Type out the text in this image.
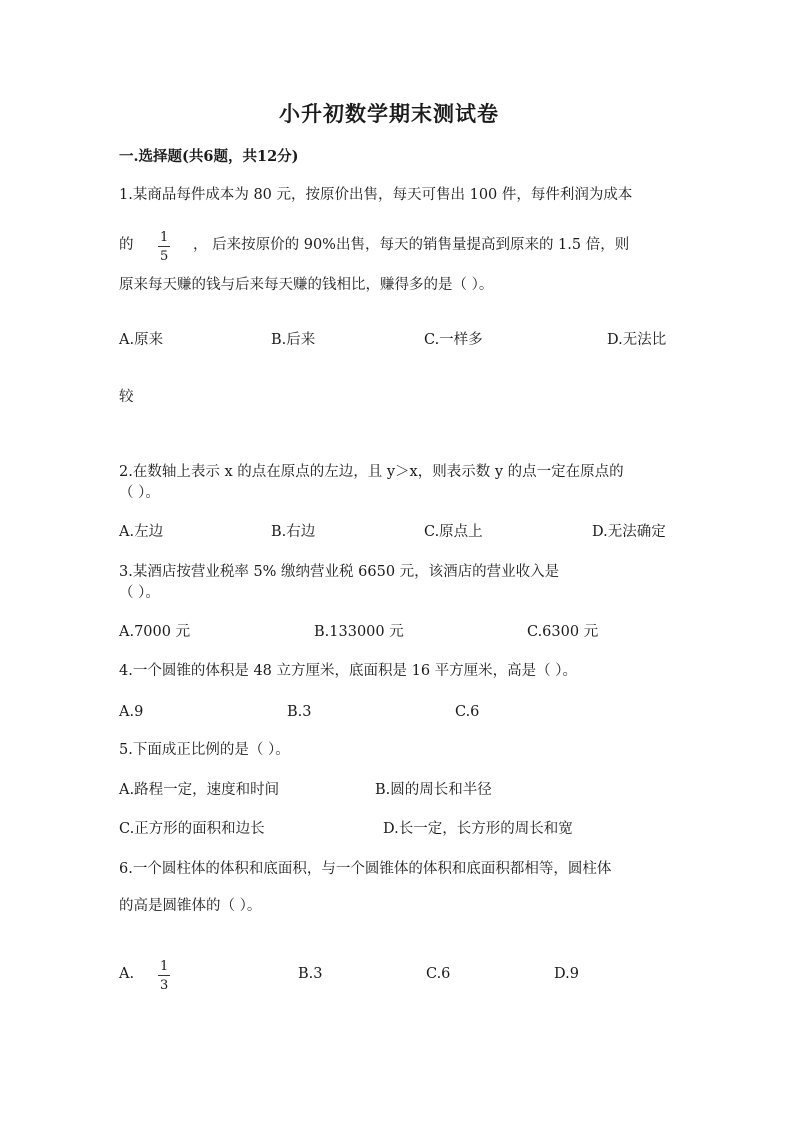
小升初数学期末测试卷
一.选择题(共6题，共12分)
1.某商品每件成本为 80 元，按原价出售，每天可售出 100 件，每件利润为成本
的 1
5
， 后来按原价的 90%出售，每天的销售量提高到原来的 1.5 倍，则
原来每天赚的钱与后来每天赚的钱相比，赚得多的是（ ）。
A.原来	B.后来	C.一样多	D.无法比
较
2.在数轴上表示 x 的点在原点的左边，且 y＞x，则表示数 y 的点一定在原点的
（ ）。
A.左边	B.右边	C.原点上	D.无法确定
3.某酒店按营业税率 5% 缴纳营业税 6650 元，该酒店的营业收入是
（ ）。
A.7000 元	B.133000 元	C.6300 元
4.一个圆锥的体积是 48 立方厘米，底面积是 16 平方厘米，高是（ ）。
A.9	B.3	C.6
5.下面成正比例的是（ ）。
A.路程一定，速度和时间	B.圆的周长和半径
C.正方形的面积和边长	D.长一定，长方形的周长和宽
6.一个圆柱体的体积和底面积，与一个圆锥体的体积和底面积都相等，圆柱体
的高是圆锥体的（ ）。
A. 1
3
B.3	C.6	D.9
